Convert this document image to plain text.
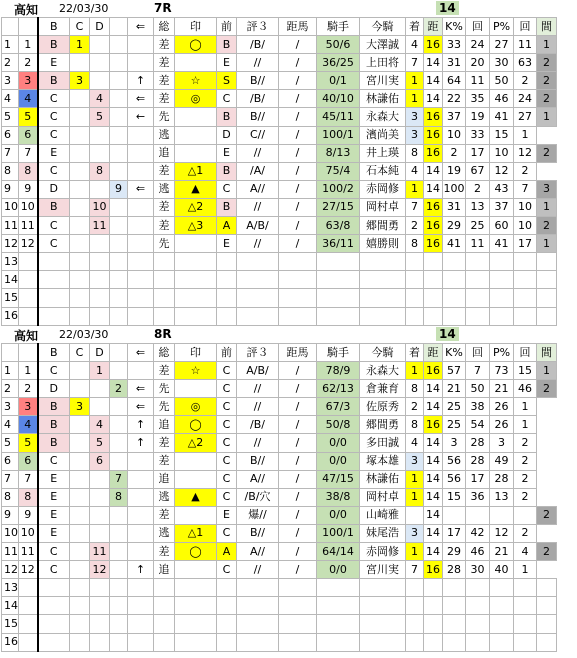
高知 22/03/30	7R	14
		B	C	D		⇐	総	印	前	評３	距馬	騎手	今騎	着	距	K%	回	P%	回	間
1	1	B	1				差	◯	B	/B/	/	50/6	大澤誠	4	16	33	24	27	11	1
2	2	E					差		E	//	/	36/25	上田将	7	14	31	20	30	63	2
3	3	B	3			↑	差	☆	S	B//	/	0/1	宮川実	1	14	64	11	50	2	2
4	4	C		4		⇐	差	◎	C	/B/	/	40/10	林謙佑	1	14	22	35	46	24	2
5	5	C		5		←	先		B	B//	/	45/11	永森大	3	16	37	19	41	27	1
6	6	C					逃		D	C//	/	100/1	濱尚美	3	16	10	33	15	1	
7	7	E					追		E	//	/	8/13	井上瑛	8	16	2	17	10	12	2
8	8	C		8			差	△1	B	/A/	/	75/4	石本純	4	14	19	67	12	2	
9	9	D			9	⇐	逃	▲	C	A//	/	100/2	赤岡修	1	14	100	2	43	7	3
10	10	B		10			差	△2	B	//	/	27/15	岡村卓	7	16	31	13	37	10	1
11	11	C		11			差	△3	A	A/B/	/	63/8	郷間勇	2	16	29	25	60	10	2
12	12	C					先		E	//	/	36/11	嬉勝則	8	16	41	11	41	17	1
13																				
14																				
15																				
16																				
高知 22/03/30	8R	14
		B	C	D		⇐	総	印	前	評３	距馬	騎手	今騎	着	距	K%	回	P%	回	間
1	1	C		1			差	☆	C	A/B/	/	78/9	永森大	1	16	57	7	73	15	1
2	2	D			2	⇐	先		C	//	/	62/13	倉兼育	8	14	21	50	21	46	2
3	3	B	3			⇐	先	◎	C	//	/	67/3	佐原秀	2	14	25	38	26	1	
4	4	B		4		↑	追	◯	C	/B/	/	50/8	郷間勇	8	16	25	54	26	1	
5	5	B		5		↑	差	△2	C	//	/	0/0	多田誠	4	14	3	28	3	2	
6	6	C		6			差		C	B//	/	0/0	塚本雄	3	14	56	28	49	2	
7	7	E			7		追		C	A//	/	47/15	林謙佑	1	14	56	17	28	2	
8	8	E			8		逃	▲	C	/B/穴	/	38/8	岡村卓	1	14	15	36	13	2	
9	9	E					差		E	爆//	/	0/0	山崎雅		14					2
10	10	E					逃	△1	C	B//	/	100/1	妹尾浩	3	14	17	42	12	2	
11	11	C		11			差	◯	A	A//	/	64/14	赤岡修	1	14	29	46	21	4	2
12	12	C		12		↑	追		C	//	/	0/0	宮川実	7	16	28	30	40	1	
13																				
14																				
15																				
16																				
